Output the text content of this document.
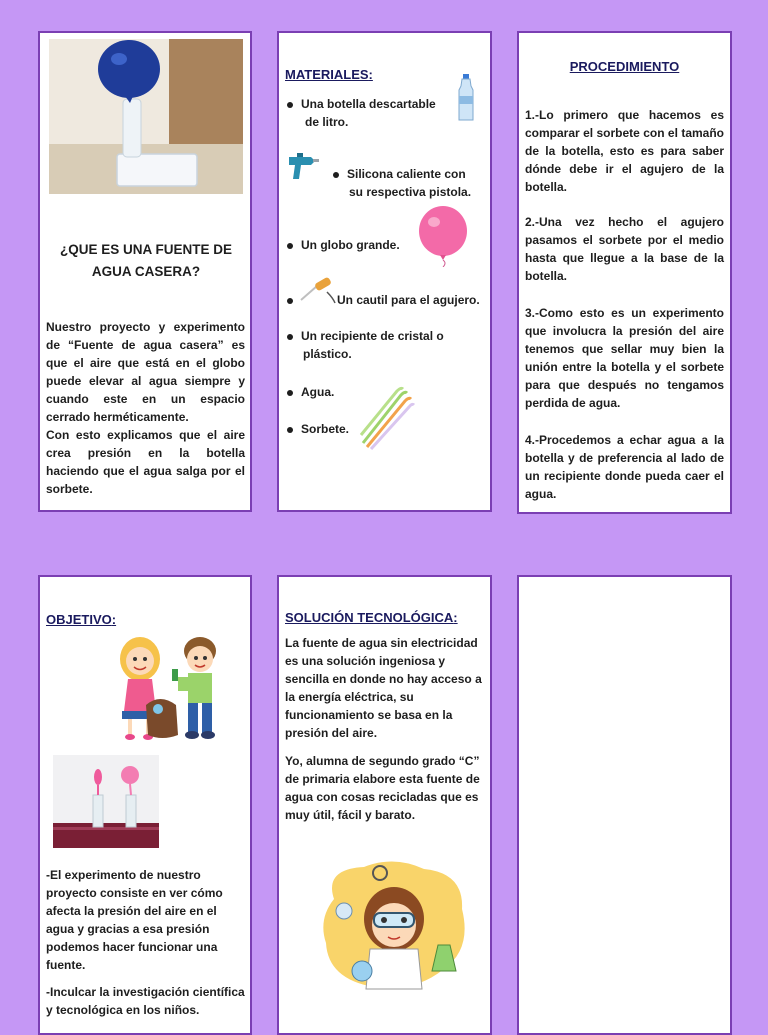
¿QUE ES UNA FUENTE DE AGUA CASERA?
Nuestro proyecto y experimento de “Fuente de agua casera” es que el aire que está en el globo puede elevar al agua siempre y cuando este en un espacio cerrado herméticamente.
Con esto explicamos que el aire crea presión en la botella haciendo que el agua salga por el sorbete.
MATERIALES:
Una botella descartable
de litro.
Silicona caliente con
su respectiva pistola.
Un globo grande.
Un cautil para el agujero.
Un recipiente de cristal o
plástico.
Agua.
Sorbete.
PROCEDIMIENTO
1.-Lo primero que hacemos es comparar el sorbete con el tamaño de la botella, esto es para saber dónde debe ir el agujero de la botella.
2.-Una vez hecho el agujero pasamos el sorbete por el medio hasta que llegue a la base de la botella.
3.-Como esto es un experimento que involucra la presión del aire tenemos que sellar muy bien la unión entre la botella y el sorbete para que después no tengamos perdida de agua.
4.-Procedemos a echar agua a la botella y de preferencia al lado de un recipiente donde pueda caer el agua.
OBJETIVO:
-El experimento de nuestro proyecto consiste en ver cómo afecta la presión del aire en el agua y gracias a esa presión podemos hacer funcionar una fuente.
-Inculcar la investigación científica y tecnológica en los niños.
SOLUCIÓN TECNOLÓGICA:
La fuente de agua sin electricidad es una solución ingeniosa y sencilla en donde no hay acceso a la energía eléctrica, su funcionamiento se basa en la presión del aire.
Yo, alumna de segundo grado “C” de primaria elabore esta fuente de agua con cosas recicladas que es muy útil, fácil y barato.
